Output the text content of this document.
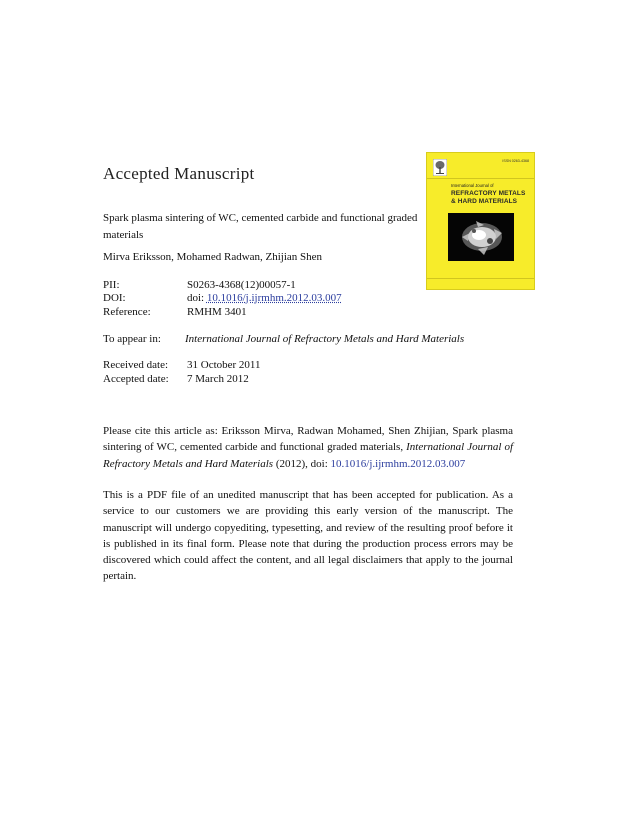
Accepted Manuscript
Spark plasma sintering of WC, cemented carbide and functional graded materials
Mirva Eriksson, Mohamed Radwan, Zhijian Shen
PII:	S0263-4368(12)00057-1
DOI:	doi: 10.1016/j.ijrmhm.2012.03.007
Reference:	RMHM 3401
To appear in: International Journal of Refractory Metals and Hard Materials
Received date: 31 October 2011
Accepted date: 7 March 2012
ISSN 0263-4368
International Journal of
REFRACTORY METALS
& HARD MATERIALS
Please cite this article as: Eriksson Mirva, Radwan Mohamed, Shen Zhijian, Spark plasma sintering of WC, cemented carbide and functional graded materials, International Journal of Refractory Metals and Hard Materials (2012), doi: 10.1016/j.ijrmhm.2012.03.007
This is a PDF file of an unedited manuscript that has been accepted for publication. As a service to our customers we are providing this early version of the manuscript. The manuscript will undergo copyediting, typesetting, and review of the resulting proof before it is published in its final form. Please note that during the production process errors may be discovered which could affect the content, and all legal disclaimers that apply to the journal pertain.
